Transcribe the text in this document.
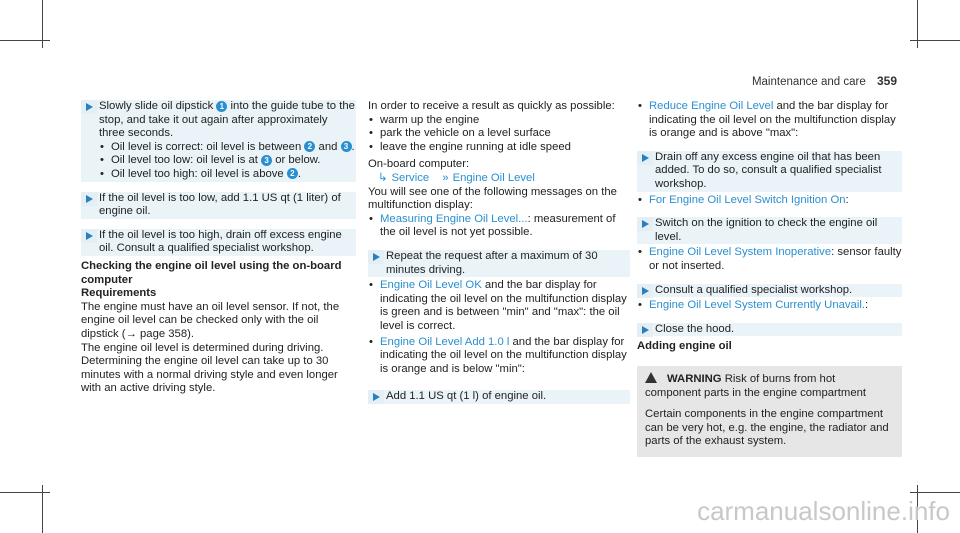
Maintenance and care 359

Slowly slide oil dipstick 1 into the guide tube to the stop, and take it out again after approximately three seconds.

• Oil level is correct: oil level is between 2 and 3 .
• Oil level too low: oil level is at 3 or below.
• Oil level too high: oil level is above 2 .

If the oil level is too low, add 1.1 US qt (1 liter) of engine oil.

If the oil level is too high, drain off excess engine oil. Consult a qualified specialist workshop.

Checking the engine oil level using the on-board computer

Requirements

The engine must have an oil level sensor. If not, the engine oil level can be checked only with the oil dipstick (→ page 358).

The engine oil level is determined during driving. Determining the engine oil level can take up to 30 minutes with a normal driving style and even longer with an active driving style.

In order to receive a result as quickly as possible:

• warm up the engine
• park the vehicle on a level surface
• leave the engine running at idle speed

On-board computer:

↳ Service » Engine Oil Level

You will see one of the following messages on the multifunction display:

• Measuring Engine Oil Level...: measurement of the oil level is not yet possible.

Repeat the request after a maximum of 30 minutes driving.

• Engine Oil Level OK and the bar display for indicating the oil level on the multifunction display is green and is between "min" and "max": the oil level is correct.
• Engine Oil Level Add 1.0 l and the bar display for indicating the oil level on the multifunction display is orange and is below "min":

Add 1.1 US qt (1 l) of engine oil.

• Reduce Engine Oil Level and the bar display for indicating the oil level on the multifunction display is orange and is above "max":

Drain off any excess engine oil that has been added. To do so, consult a qualified specialist workshop.

• For Engine Oil Level Switch Ignition On:

Switch on the ignition to check the engine oil level.

• Engine Oil Level System Inoperative: sensor faulty or not inserted.

Consult a qualified specialist workshop.

• Engine Oil Level System Currently Unavail.:

Close the hood.

Adding engine oil

WARNING Risk of burns from hot component parts in the engine compartment

Certain components in the engine compartment can be very hot, e.g. the engine, the radiator and parts of the exhaust system.

carmanualsonline.info
